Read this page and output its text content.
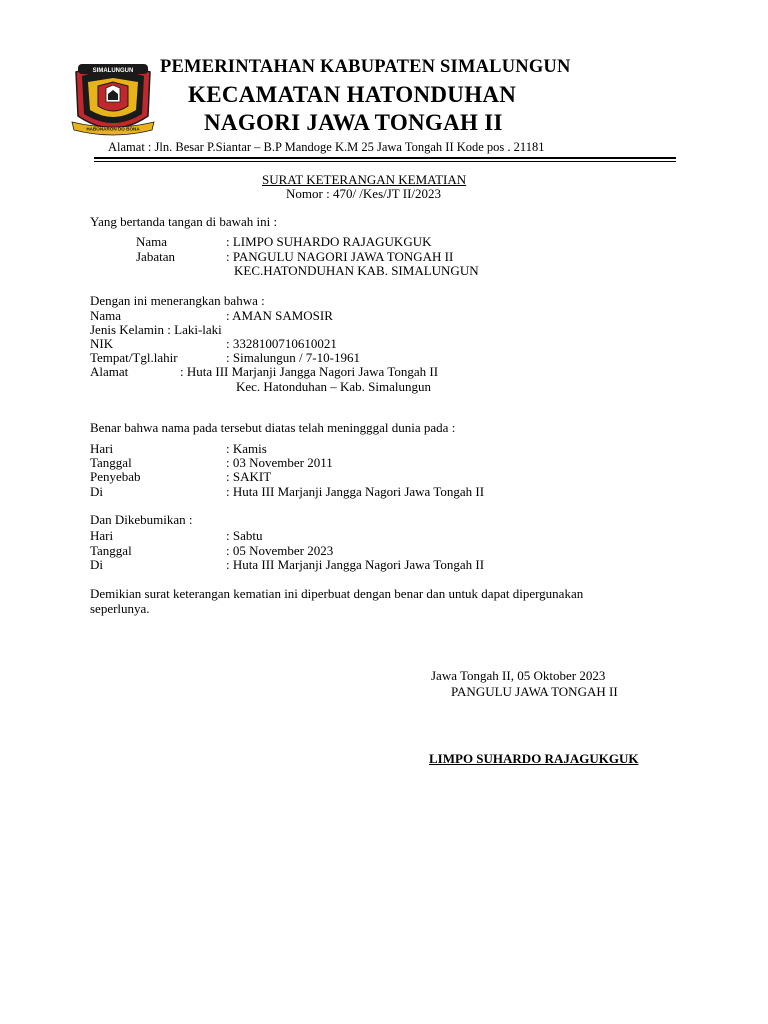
SIMALUNGUN
HABONARON DO BONA
PEMERINTAHAN KABUPATEN SIMALUNGUN
KECAMATAN HATONDUHAN
NAGORI JAWA TONGAH II
Alamat : Jln. Besar P.Siantar – B.P Mandoge K.M 25 Jawa Tongah II Kode pos . 21181
SURAT KETERANGAN KEMATIAN
Nomor : 470/ /Kes/JT II/2023
Yang bertanda tangan di bawah ini :
Nama	: LIMPO SUHARDO RAJAGUKGUK
Jabatan	: PANGULU NAGORI JAWA TONGAH II
KEC.HATONDUHAN KAB. SIMALUNGUN
Dengan ini menerangkan bahwa :
Nama	: AMAN SAMOSIR
Jenis Kelamin : Laki-laki
NIK	: 3328100710610021
Tempat/Tgl.lahir	: Simalungun / 7-10-1961
Alamat	: Huta III Marjanji Jangga Nagori Jawa Tongah II
Kec. Hatonduhan – Kab. Simalungun
Benar bahwa nama pada tersebut diatas telah meningggal dunia pada :
Hari	: Kamis
Tanggal	: 03 November 2011
Penyebab	: SAKIT
Di	: Huta III Marjanji Jangga Nagori Jawa Tongah II
Dan Dikebumikan :
Hari	: Sabtu
Tanggal	: 05 November 2023
Di	: Huta III Marjanji Jangga Nagori Jawa Tongah II
Demikian surat keterangan kematian ini diperbuat dengan benar dan untuk dapat dipergunakan
seperlunya.
Jawa Tongah II, 05 Oktober 2023
PANGULU JAWA TONGAH II
LIMPO SUHARDO RAJAGUKGUK
